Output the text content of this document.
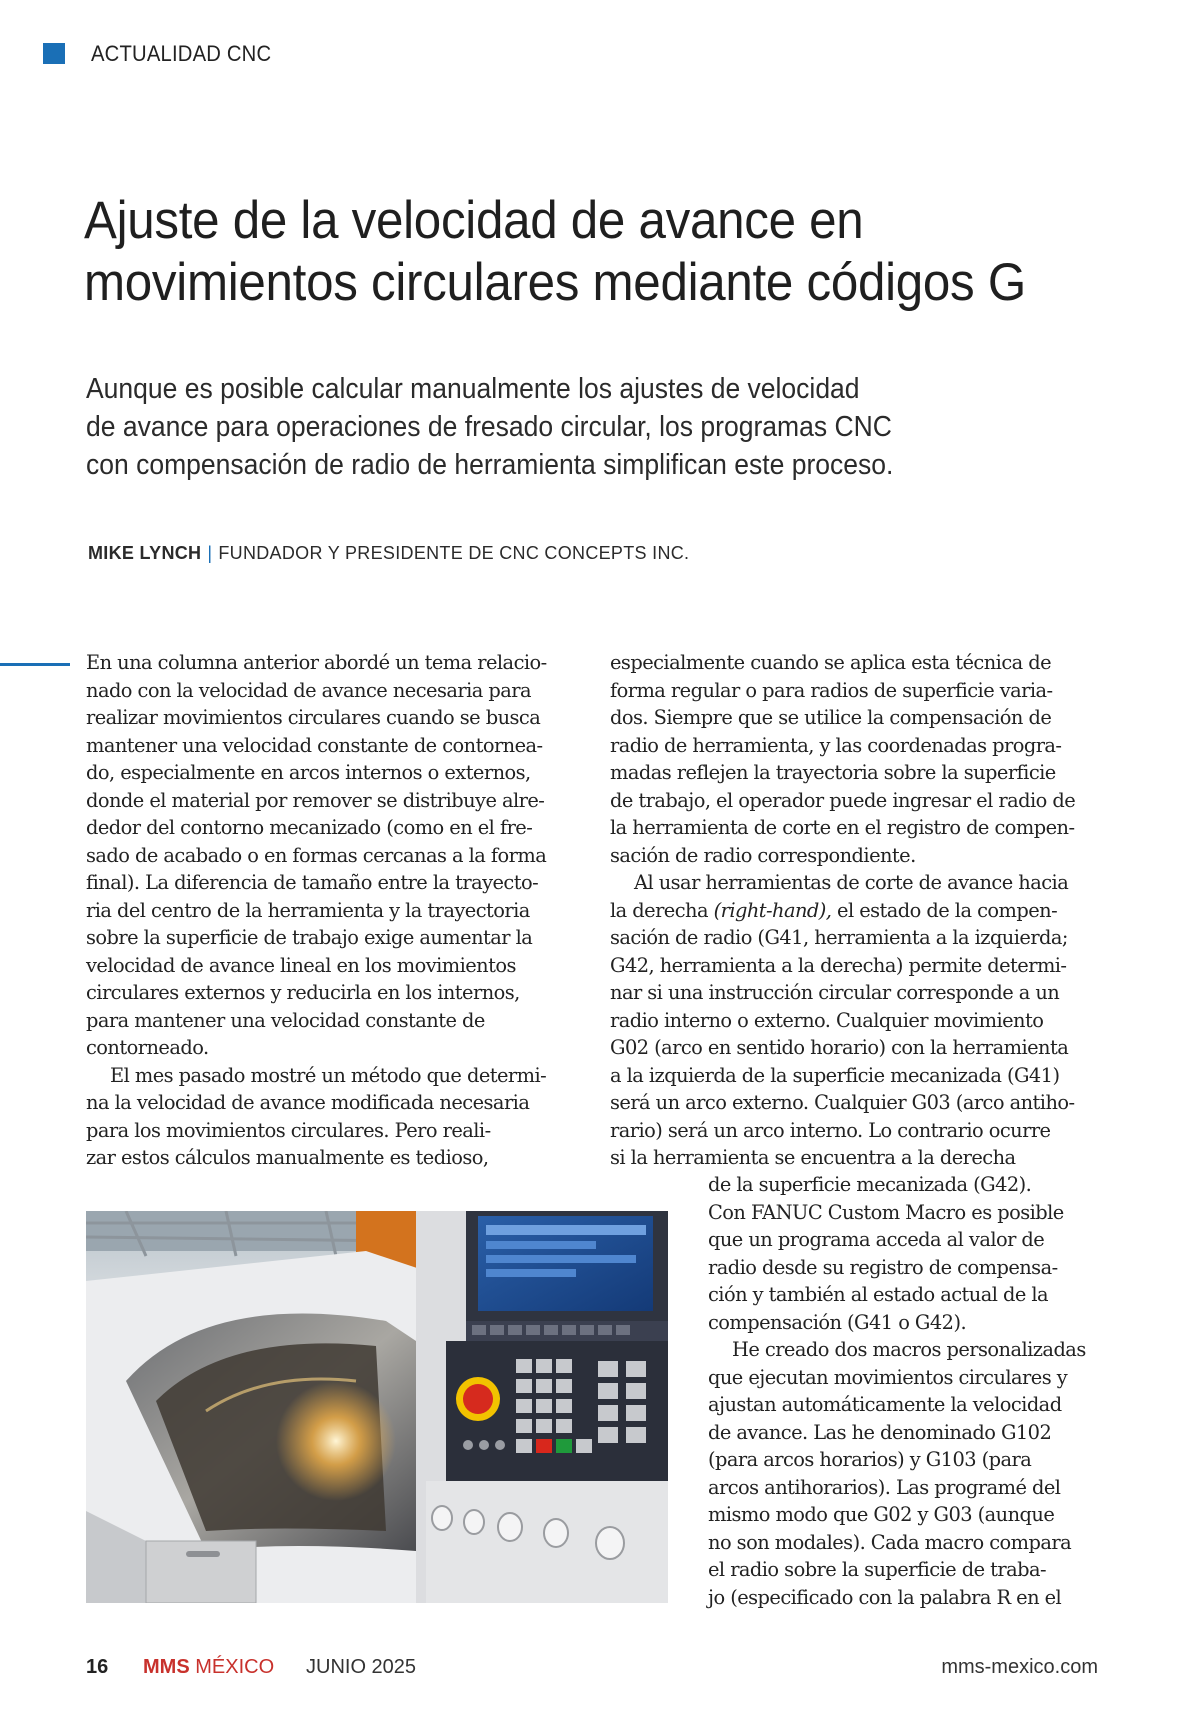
ACTUALIDAD CNC
Ajuste de la velocidad de avance en
movimientos circulares mediante códigos G

Aunque es posible calcular manualmente los ajustes de velocidad
de avance para operaciones de fresado circular, los programas CNC
con compensación de radio de herramienta simplifican este proceso.

MIKE LYNCH | FUNDADOR Y PRESIDENTE DE CNC CONCEPTS INC.
En una columna anterior abordé un tema relacio-
nado con la velocidad de avance necesaria para
realizar movimientos circulares cuando se busca
mantener una velocidad constante de contornea-
do, especialmente en arcos internos o externos,
donde el material por remover se distribuye alre-
dedor del contorno mecanizado (como en el fre-
sado de acabado o en formas cercanas a la forma
final). La diferencia de tamaño entre la trayecto-
ria del centro de la herramienta y la trayectoria
sobre la superficie de trabajo exige aumentar la
velocidad de avance lineal en los movimientos
circulares externos y reducirla en los internos,
para mantener una velocidad constante de
contorneado.
El mes pasado mostré un método que determi-
na la velocidad de avance modificada necesaria
para los movimientos circulares. Pero reali-
zar estos cálculos manualmente es tedioso,
especialmente cuando se aplica esta técnica de
forma regular o para radios de superficie varia-
dos. Siempre que se utilice la compensación de
radio de herramienta, y las coordenadas progra-
madas reflejen la trayectoria sobre la superficie
de trabajo, el operador puede ingresar el radio de
la herramienta de corte en el registro de compen-
sación de radio correspondiente.
Al usar herramientas de corte de avance hacia
la derecha (right-hand), el estado de la compen-
sación de radio (G41, herramienta a la izquierda;
G42, herramienta a la derecha) permite determi-
nar si una instrucción circular corresponde a un
radio interno o externo. Cualquier movimiento
G02 (arco en sentido horario) con la herramienta
a la izquierda de la superficie mecanizada (G41)
será un arco externo. Cualquier G03 (arco antiho-
rario) será un arco interno. Lo contrario ocurre
si la herramienta se encuentra a la derecha
de la superficie mecanizada (G42).
Con FANUC Custom Macro es posible
que un programa acceda al valor de
radio desde su registro de compensa-
ción y también al estado actual de la
compensación (G41 o G42).
He creado dos macros personalizadas
que ejecutan movimientos circulares y
ajustan automáticamente la velocidad
de avance. Las he denominado G102
(para arcos horarios) y G103 (para
arcos antihorarios). Las programé del
mismo modo que G02 y G03 (aunque
no son modales). Cada macro compara
el radio sobre la superficie de traba-
jo (especificado con la palabra R en el
16 MMS MÉXICO JUNIO 2025	mms-mexico.com
